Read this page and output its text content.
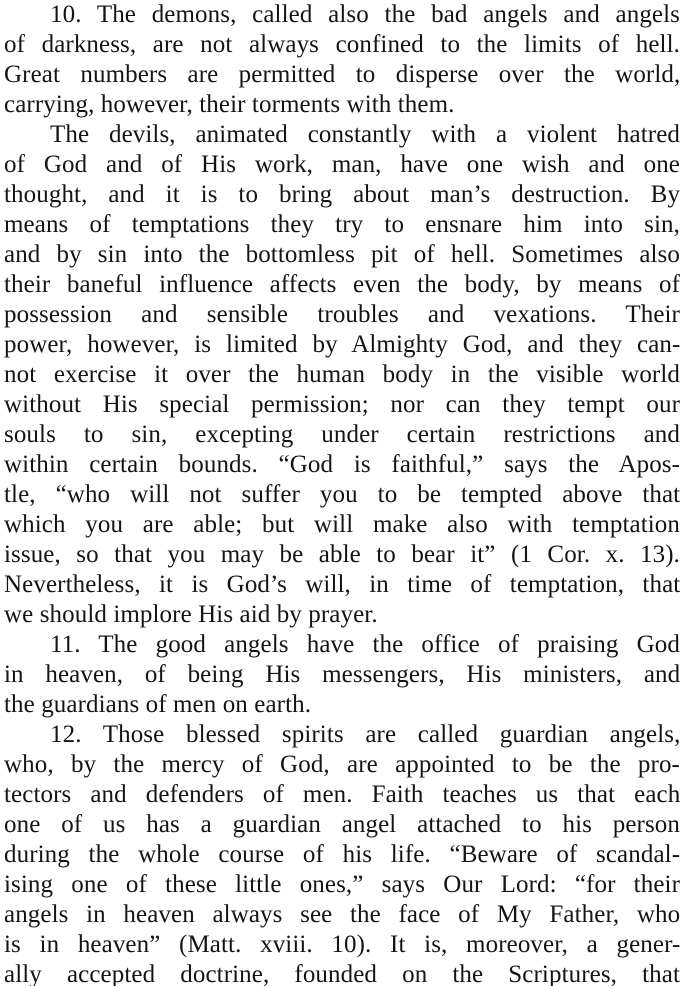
10. The demons, called also the bad angels and angels
of darkness, are not always confined to the limits of hell.
Great numbers are permitted to disperse over the world,
carrying, however, their torments with them.
The devils, animated constantly with a violent hatred
of God and of His work, man, have one wish and one
thought, and it is to bring about man’s destruction. By
means of temptations they try to ensnare him into sin,
and by sin into the bottomless pit of hell. Sometimes also
their baneful influence affects even the body, by means of
possession and sensible troubles and vexations. Their
power, however, is limited by Almighty God, and they can-
not exercise it over the human body in the visible world
without His special permission; nor can they tempt our
souls to sin, excepting under certain restrictions and
within certain bounds. “God is faithful,” says the Apos-
tle, “who will not suffer you to be tempted above that
which you are able; but will make also with temptation
issue, so that you may be able to bear it” (1 Cor. x. 13).
Nevertheless, it is God’s will, in time of temptation, that
we should implore His aid by prayer.
11. The good angels have the office of praising God
in heaven, of being His messengers, His ministers, and
the guardians of men on earth.
12. Those blessed spirits are called guardian angels,
who, by the mercy of God, are appointed to be the pro-
tectors and defenders of men. Faith teaches us that each
one of us has a guardian angel attached to his person
during the whole course of his life. “Beware of scandal-
ising one of these little ones,” says Our Lord: “for their
angels in heaven always see the face of My Father, who
is in heaven” (Matt. xviii. 10). It is, moreover, a gener-
ally accepted doctrine, founded on the Scriptures, that
